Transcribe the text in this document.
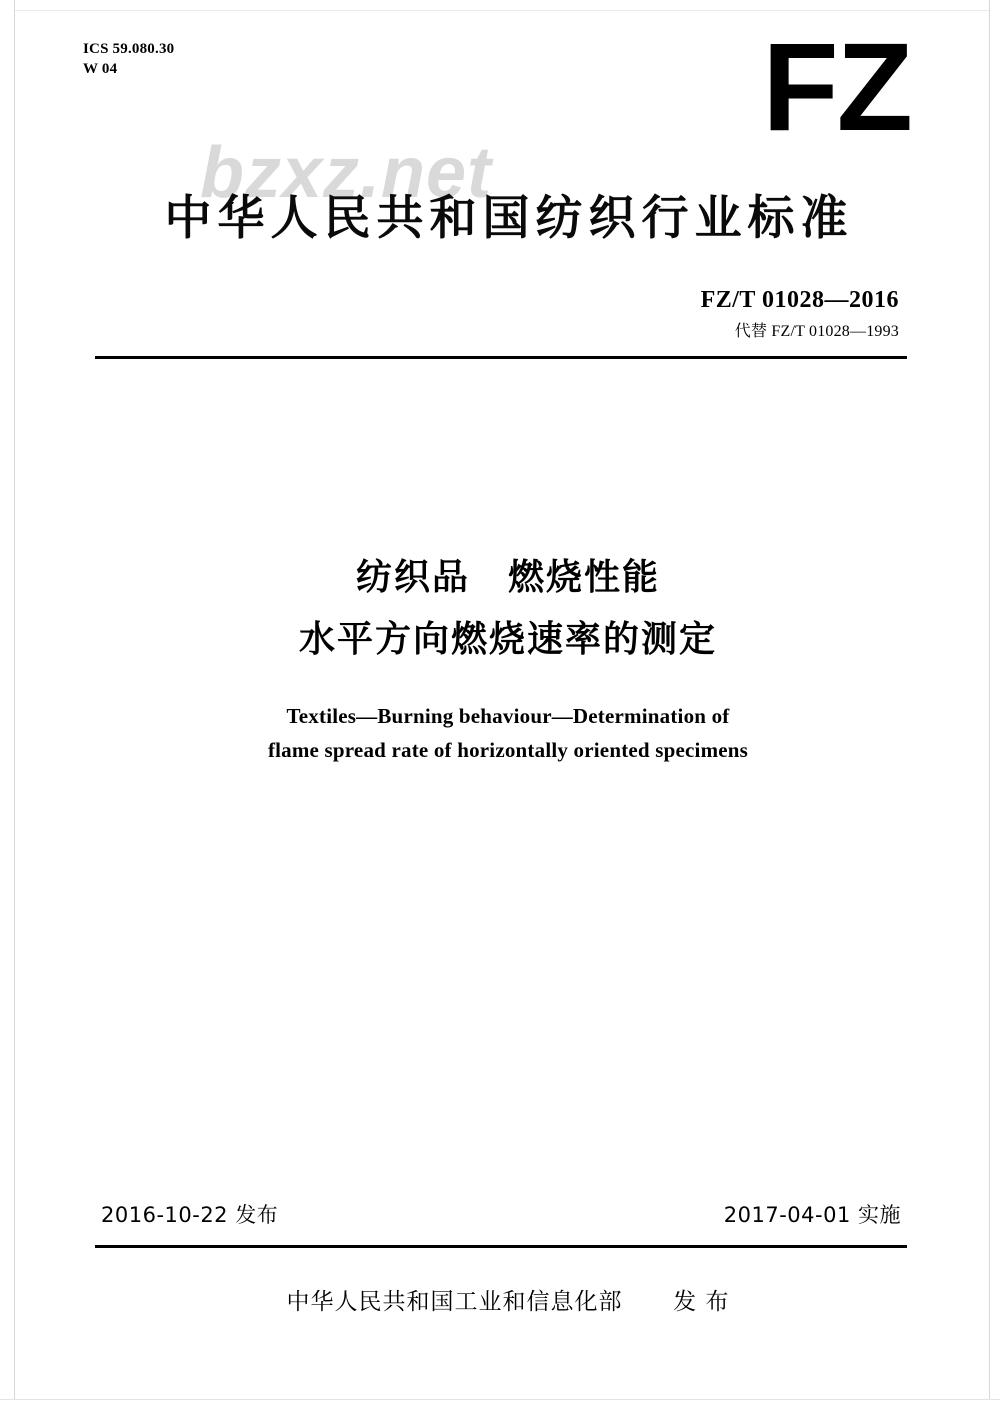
ICS 59.080.30
W 04	FZ
bzxz.net
中华人民共和国纺织行业标准
FZ/T 01028—2016
代替 FZ/T 01028—1993
纺织品　燃烧性能
水平方向燃烧速率的测定
Textiles—Burning behaviour—Determination of
flame spread rate of horizontally oriented specimens
2016-10-22 发布	2017-04-01 实施
中华人民共和国工业和信息化部 发 布
